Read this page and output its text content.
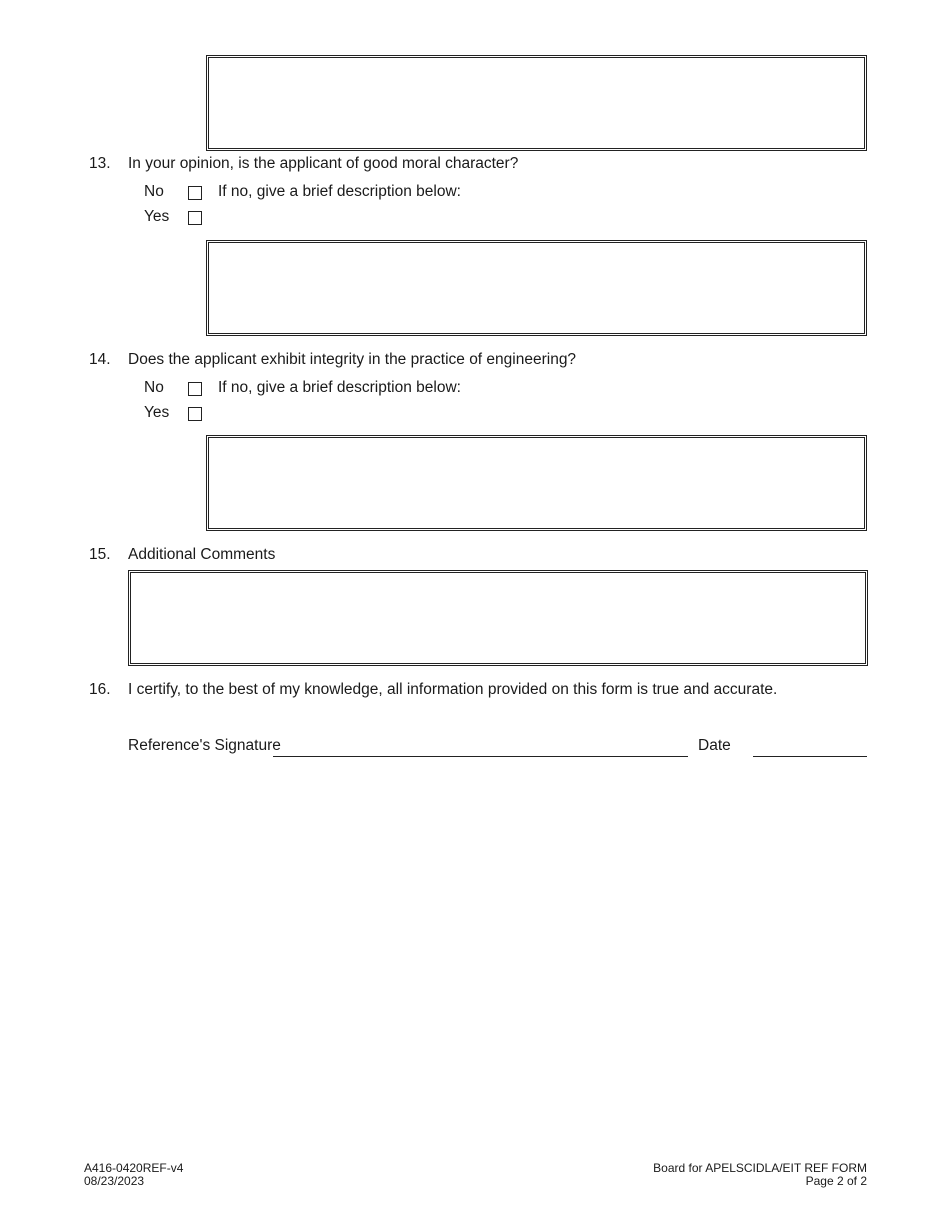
13.	In your opinion, is the applicant of good moral character?
No	If no, give a brief description below:
Yes
14.	Does the applicant exhibit integrity in the practice of engineering?
No	If no, give a brief description below:
Yes
15.	Additional Comments
16.	I certify, to the best of my knowledge, all information provided on this form is true and accurate.
Reference's Signature	Date
A416-0420REF-v4
08/23/2023
Board for APELSCIDLA/EIT REF FORM
Page 2 of 2
